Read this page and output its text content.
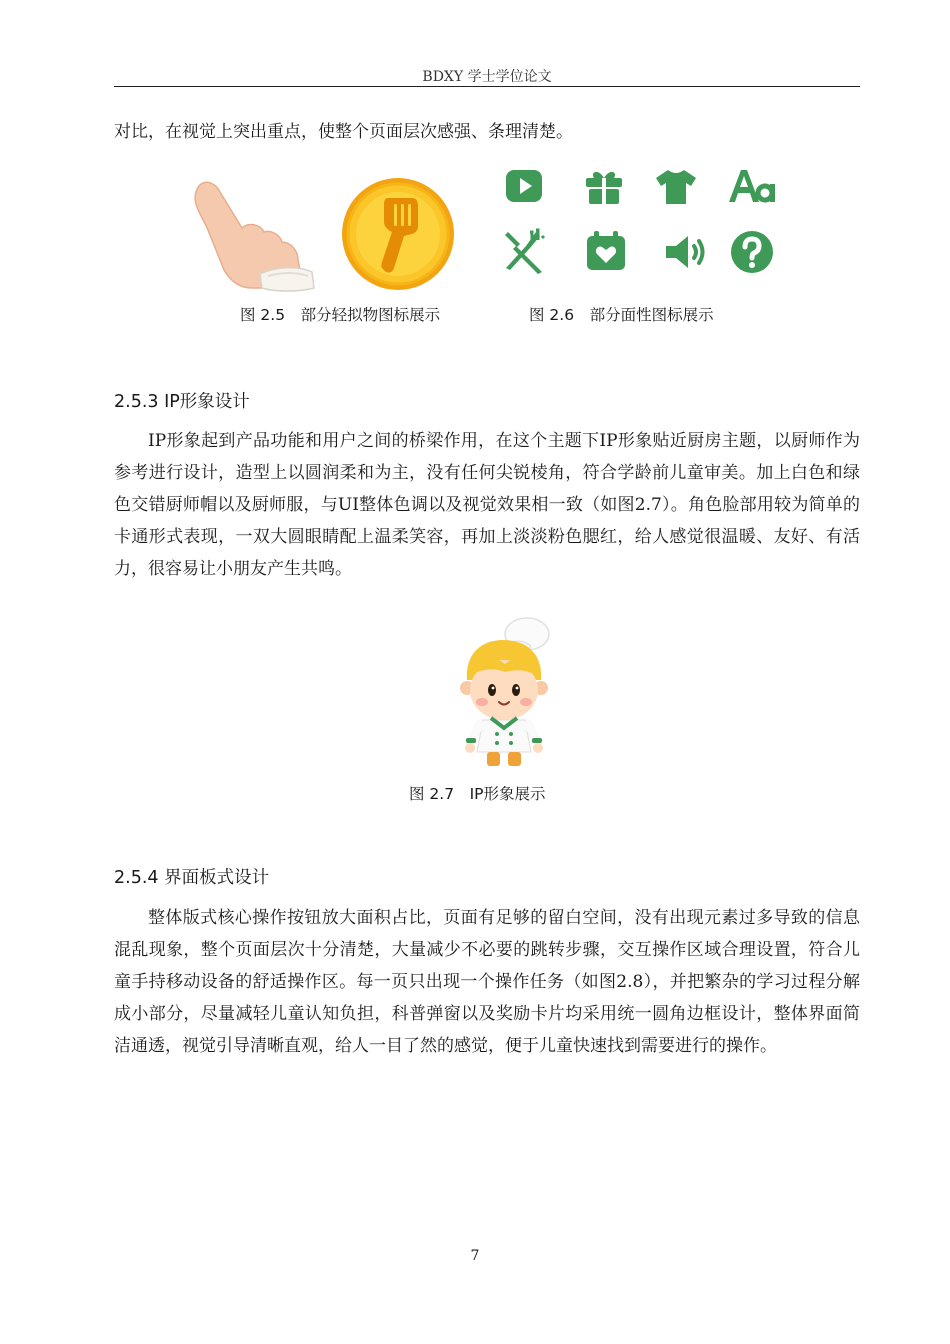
BDXY 学士学位论文

对比，在视觉上突出重点，使整个页面层次感强、条理清楚。

图 2.5　部分轻拟物图标展示	图 2.6　部分面性图标展示
2.5.3 IP形象设计

IP形象起到产品功能和用户之间的桥梁作用，在这个主题下IP形象贴近厨房主题，以厨师作为参考进行设计，造型上以圆润柔和为主，没有任何尖锐棱角，符合学龄前儿童审美。加上白色和绿色交错厨师帽以及厨师服，与UI整体色调以及视觉效果相一致（如图2.7）。角色脸部用较为简单的卡通形式表现，一双大圆眼睛配上温柔笑容，再加上淡淡粉色腮红，给人感觉很温暖、友好、有活力，很容易让小朋友产生共鸣。

图 2.7　IP形象展示
2.5.4 界面板式设计

整体版式核心操作按钮放大面积占比，页面有足够的留白空间，没有出现元素过多导致的信息混乱现象，整个页面层次十分清楚，大量减少不必要的跳转步骤，交互操作区域合理设置，符合儿童手持移动设备的舒适操作区。每一页只出现一个操作任务（如图2.8），并把繁杂的学习过程分解成小部分，尽量减轻儿童认知负担，科普弹窗以及奖励卡片均采用统一圆角边框设计，整体界面简洁通透，视觉引导清晰直观，给人一目了然的感觉，便于儿童快速找到需要进行的操作。

7
